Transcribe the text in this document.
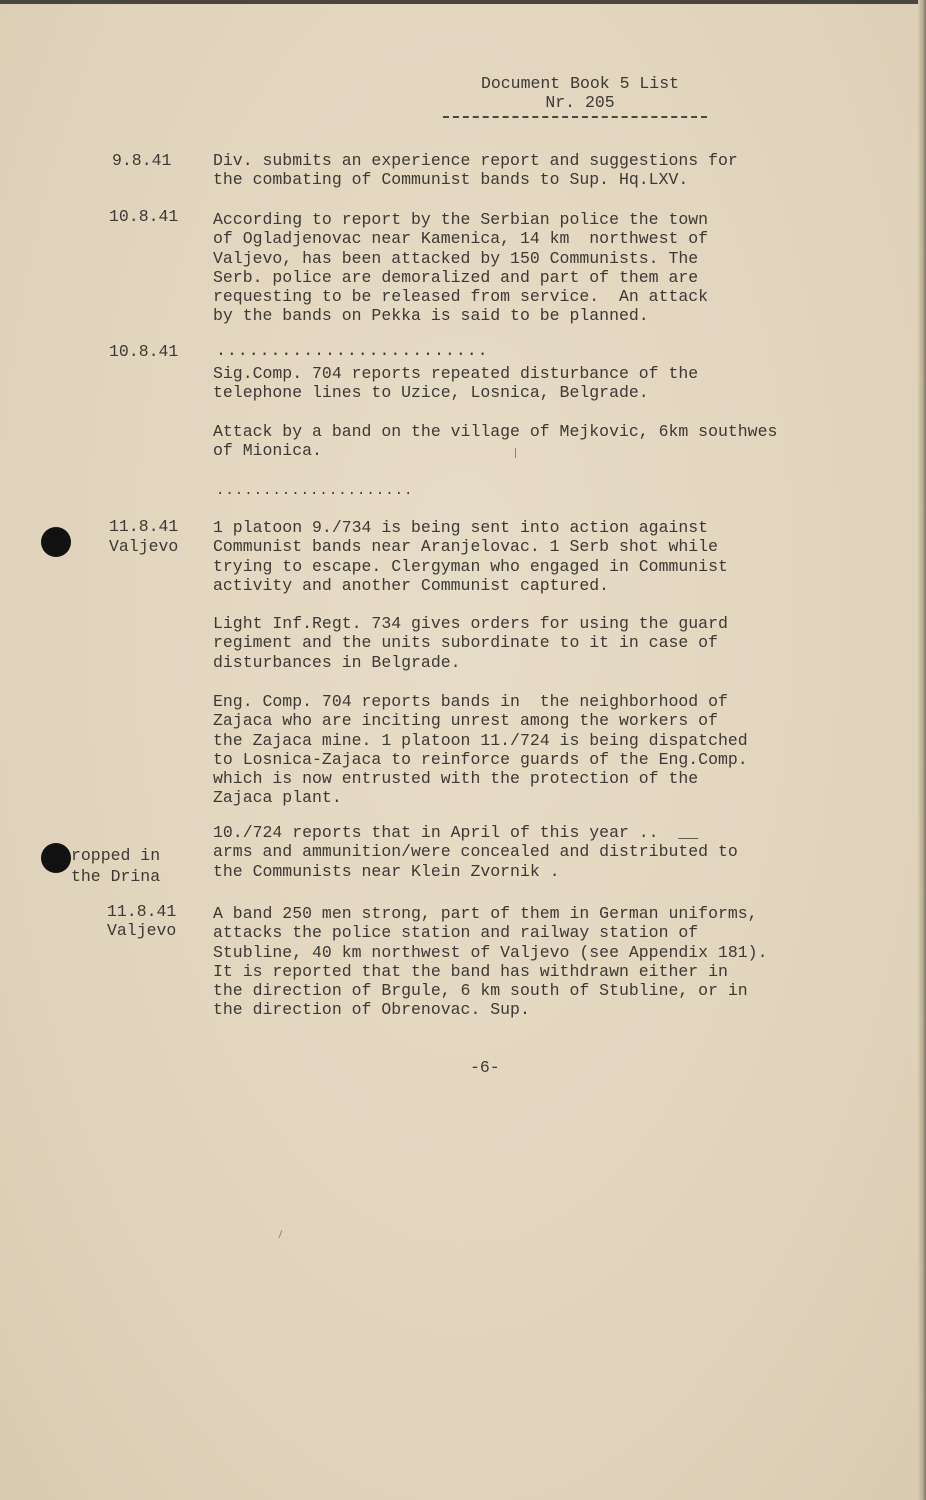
Document Book 5 List
Nr. 205
9.8.41	Div. submits an experience report and suggestions for
the combating of Communist bands to Sup. Hq.LXV.
10.8.41 According to report by the Serbian police the town
of Ogladjenovac near Kamenica, 14 km  northwest of
Valjevo, has been attacked by 150 Communists. The
Serb. police are demoralized and part of them are
requesting to be released from service.  An attack
by the bands on Pekka is said to be planned.
10.8.41 .........................
Sig.Comp. 704 reports repeated disturbance of the
telephone lines to Uzice, Losnica, Belgrade.
Attack by a band on the village of Mejkovic, 6km southwes
of Mionica.
.....................
11.8.41
Valjevo
1 platoon 9./734 is being sent into action against
Communist bands near Aranjelovac. 1 Serb shot while
trying to escape. Clergyman who engaged in Communist
activity and another Communist captured.
Light Inf.Regt. 734 gives orders for using the guard
regiment and the units subordinate to it in case of
disturbances in Belgrade.
Eng. Comp. 704 reports bands in  the neighborhood of
Zajaca who are inciting unrest among the workers of
the Zajaca mine. 1 platoon 11./724 is being dispatched
to Losnica-Zajaca to reinforce guards of the Eng.Comp.
which is now entrusted with the protection of the
Zajaca plant.
10./724 reports that in April of this year ..  __
arms and ammunition/were concealed and distributed to
the Communists near Klein Zvornik .
ropped in
the Drina
11.8.41
Valjevo
A band 250 men strong, part of them in German uniforms,
attacks the police station and railway station of
Stubline, 40 km northwest of Valjevo (see Appendix 181).
It is reported that the band has withdrawn either in
the direction of Brgule, 6 km south of Stubline, or in
the direction of Obrenovac. Sup.
-6-
